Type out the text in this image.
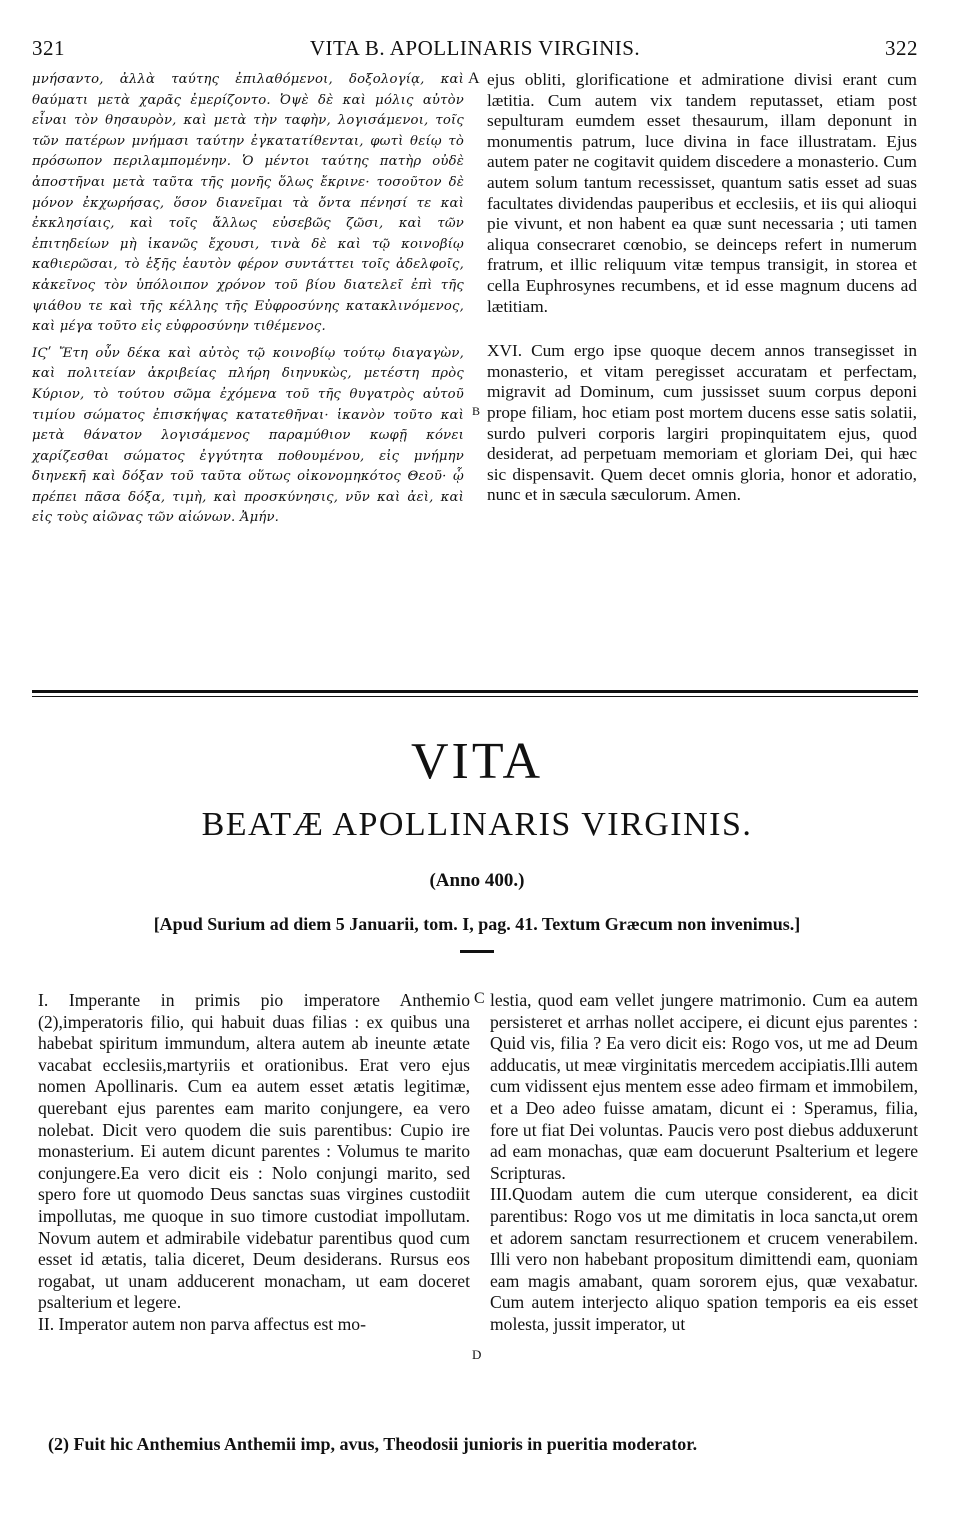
321	VITA B. APOLLINARIS VIRGINIS.	322

μνήσαντο, ἀλλὰ ταύτης ἐπιλαθόμενοι, δοξολογίᾳ, καὶ θαύματι μετὰ χαρᾶς ἐμερίζοντο. Ὀψὲ δὲ καὶ μόλις αὐτὸν εἶναι τὸν θησαυρὸν, καὶ μετὰ τὴν ταφὴν, λογισάμενοι, τοῖς τῶν πατέρων μνήμασι ταύτην ἐγκατατίθενται, φωτὶ θείῳ τὸ πρόσωπον περιλαμπομένην. Ὁ μέντοι ταύτης πατὴρ οὐδὲ ἀποστῆναι μετὰ ταῦτα τῆς μονῆς ὅλως ἔκρινε· τοσοῦτον δὲ μόνον ἐκχωρήσας, ὅσον διανεῖμαι τὰ ὄντα πένησί τε καὶ ἐκκλησίαις, καὶ τοῖς ἄλλως εὐσεβῶς ζῶσι, καὶ τῶν ἐπιτηδείων μὴ ἱκανῶς ἔχουσι, τινὰ δὲ καὶ τῷ κοινοβίῳ καθιερῶσαι, τὸ ἑξῆς ἑαυτὸν φέρον συντάττει τοῖς ἀδελφοῖς, κἀκεῖνος τὸν ὑπόλοιπον χρόνον τοῦ βίου διατελεῖ ἐπὶ τῆς ψιάθου τε καὶ τῆς κέλλης τῆς Εὐφροσύνης κατακλινόμενος, καὶ μέγα τοῦτο εἰς εὐφροσύνην τιθέμενος.

ΙϚʹ Ἔτη οὖν δέκα καὶ αὐτὸς τῷ κοινοβίῳ τούτῳ διαγαγὼν, καὶ πολιτείαν ἀκριβείας πλήρη διηνυκὼς, μετέστη πρὸς Κύριον, τὸ τούτου σῶμα ἐχόμενα τοῦ τῆς θυγατρὸς αὐτοῦ τιμίου σώματος ἐπισκήψας κατατεθῆναι· ἱκανὸν τοῦτο καὶ μετὰ θάνατον λογισάμενος παραμύθιον κωφῇ κόνει χαρίζεσθαι σώματος ἐγγύτητα ποθουμένου, εἰς μνήμην διηνεκῆ καὶ δόξαν τοῦ ταῦτα οὕτως οἰκονομηκότος Θεοῦ· ᾧ πρέπει πᾶσα δόξα, τιμὴ, καὶ προσκύνησις, νῦν καὶ ἀεὶ, καὶ εἰς τοὺς αἰῶνας τῶν αἰώνων. Ἀμήν.

A
B

ejus obliti, glorificatione et admiratione divisi erant cum lætitia. Cum autem vix tandem reputasset, etiam post sepulturam eumdem esset thesaurum, illam deponunt in monumentis patrum, luce divina in face illustratam. Ejus autem pater ne cogitavit quidem discedere a monasterio. Cum autem solum tantum recessisset, quantum satis esset ad suas facultates dividendas pauperibus et ecclesiis, et iis qui alioqui pie vivunt, et non habent ea quæ sunt necessaria ; uti tamen aliqua consecraret cœnobio, se deinceps refert in numerum fratrum, et illic reliquum vitæ tempus transigit, in storea et cella Euphrosynes recumbens, et id esse magnum ducens ad lætitiam.

XVI. Cum ergo ipse quoque decem annos transegisset in monasterio, et vitam peregisset accuratam et perfectam, migravit ad Dominum, cum jussisset suum corpus deponi prope filiam, hoc etiam post mortem ducens esse satis solatii, surdo pulveri corporis largiri propinquitatem ejus, quod desiderat, ad perpetuam memoriam et gloriam Dei, qui hæc sic dispensavit. Quem decet omnis gloria, honor et adoratio, nunc et in sæcula sæculorum. Amen.

VITA
BEATÆ APOLLINARIS VIRGINIS.
(Anno 400.)
[Apud Surium ad diem 5 Januarii, tom. I, pag. 41. Textum Græcum non invenimus.]

I. Imperante in primis pio imperatore Anthemio (2),imperatoris filio, qui habuit duas filias : ex quibus una habebat spiritum immundum, altera autem ab ineunte ætate vacabat ecclesiis,martyriis et orationibus. Erat vero ejus nomen Apollinaris. Cum ea autem esset ætatis legitimæ, querebant ejus parentes eam marito conjungere, ea vero nolebat. Dicit vero quodem die suis parentibus: Cupio ire monasterium. Ei autem dicunt parentes : Volumus te marito conjungere.Ea vero dicit eis : Nolo conjungi marito, sed spero fore ut quomodo Deus sanctas suas virgines custodiit impollutas, me quoque in suo timore custodiat impollutam. Novum autem et admirabile videbatur parentibus quod cum esset id ætatis, talia diceret, Deum desiderans. Rursus eos rogabat, ut unam adducerent monacham, ut eam doceret psalterium et legere.

II. Imperator autem non parva affectus est mo-

C
D

lestia, quod eam vellet jungere matrimonio. Cum ea autem persisteret et arrhas nollet accipere, ei dicunt ejus parentes : Quid vis, filia ? Ea vero dicit eis: Rogo vos, ut me ad Deum adducatis, ut meæ virginitatis mercedem accipiatis.Illi autem cum vidissent ejus mentem esse adeo firmam et immobilem, et a Deo adeo fuisse amatam, dicunt ei : Speramus, filia, fore ut fiat Dei voluntas. Paucis vero post diebus adduxerunt ad eam monachas, quæ eam docuerunt Psalterium et legere Scripturas.

III.Quodam autem die cum uterque considerent, ea dicit parentibus: Rogo vos ut me dimitatis in loca sancta,ut orem et adorem sanctam resurrectionem et crucem venerabilem. Illi vero non habebant propositum dimittendi eam, quoniam eam magis amabant, quam sororem ejus, quæ vexabatur. Cum autem interjecto aliquo spation temporis ea eis esset molesta, jussit imperator, ut

(2) Fuit hic Anthemius Anthemii imp, avus, Theodosii junioris in pueritia moderator.
